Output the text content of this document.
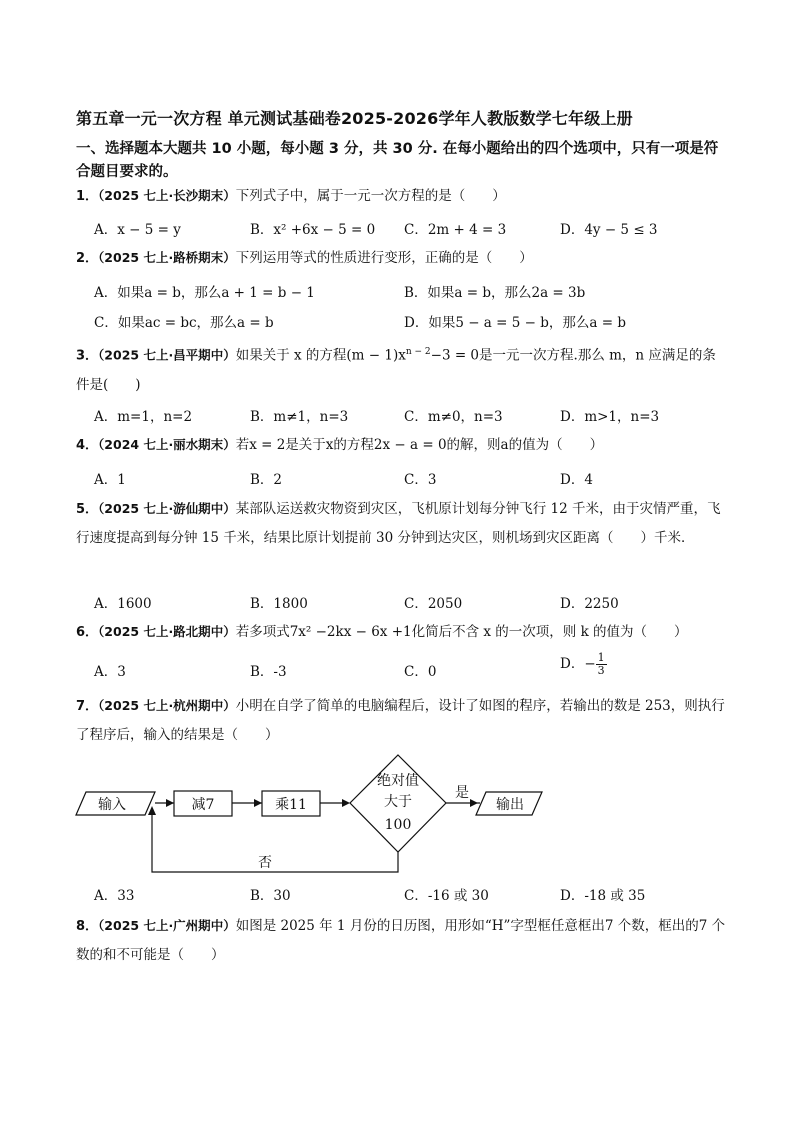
第五章一元一次方程 单元测试基础卷2025-2026学年人教版数学七年级上册
一、选择题本大题共 10 小题，每小题 3 分，共 30 分. 在每小题给出的四个选项中，只有一项是符合题目要求的。
1．（2025 七上·长沙期末）下列式子中，属于一元一次方程的是（　　）
A．x − 5 = y	B．x² +6x − 5 = 0 C．2m + 4 = 3	D．4y − 5 ≤ 3
2．（2025 七上·路桥期末）下列运用等式的性质进行变形，正确的是（　　）
A．如果a = b，那么a + 1 = b − 1	B．如果a = b，那么2a = 3b
C．如果ac = bc，那么a = b	D．如果5 − a = 5 − b，那么a = b
3．（2025 七上·昌平期中）如果关于 x 的方程$(m - 1)x^{n - 2}-3 = 0$是一元一次方程.那么 m，n 应满足的条件是(　　)
A．m=1，n=2	B．m≠1，n=3	C．m≠0，n=3	D．m>1，n=3
4．（2024 七上·丽水期末）若x = 2是关于x的方程2x − a = 0的解，则a的值为（　　）
A．1	B．2	C．3	D．4
5．（2025 七上·游仙期中）某部队运送救灾物资到灾区，飞机原计划每分钟飞行 12 千米，由于灾情严重，飞行速度提高到每分钟 15 千米，结果比原计划提前 30 分钟到达灾区，则机场到灾区距离（　　）千米．
A．1600	B．1800	C．2050	D．2250
6．（2025 七上·路北期中）若多项式7x² −2kx − 6x +1化简后不含 x 的一次项，则 k 的值为（　　）
A．3	B．-3	C．0	D．− $\frac{1}{3}$
7．（2025 七上·杭州期中）小明在自学了简单的电脑编程后，设计了如图的程序，若输出的数是 253，则执行了程序后，输入的结果是（　　）
输入	减7	乘11
绝对值
大于
100
是
输出
否
A．33	B．30	C．-16 或 30	D．-18 或 35
8．（2025 七上·广州期中）如图是 2025 年 1 月份的日历图，用形如“H”字型框任意框出7 个数，框出的7 个数的和不可能是（　　）
